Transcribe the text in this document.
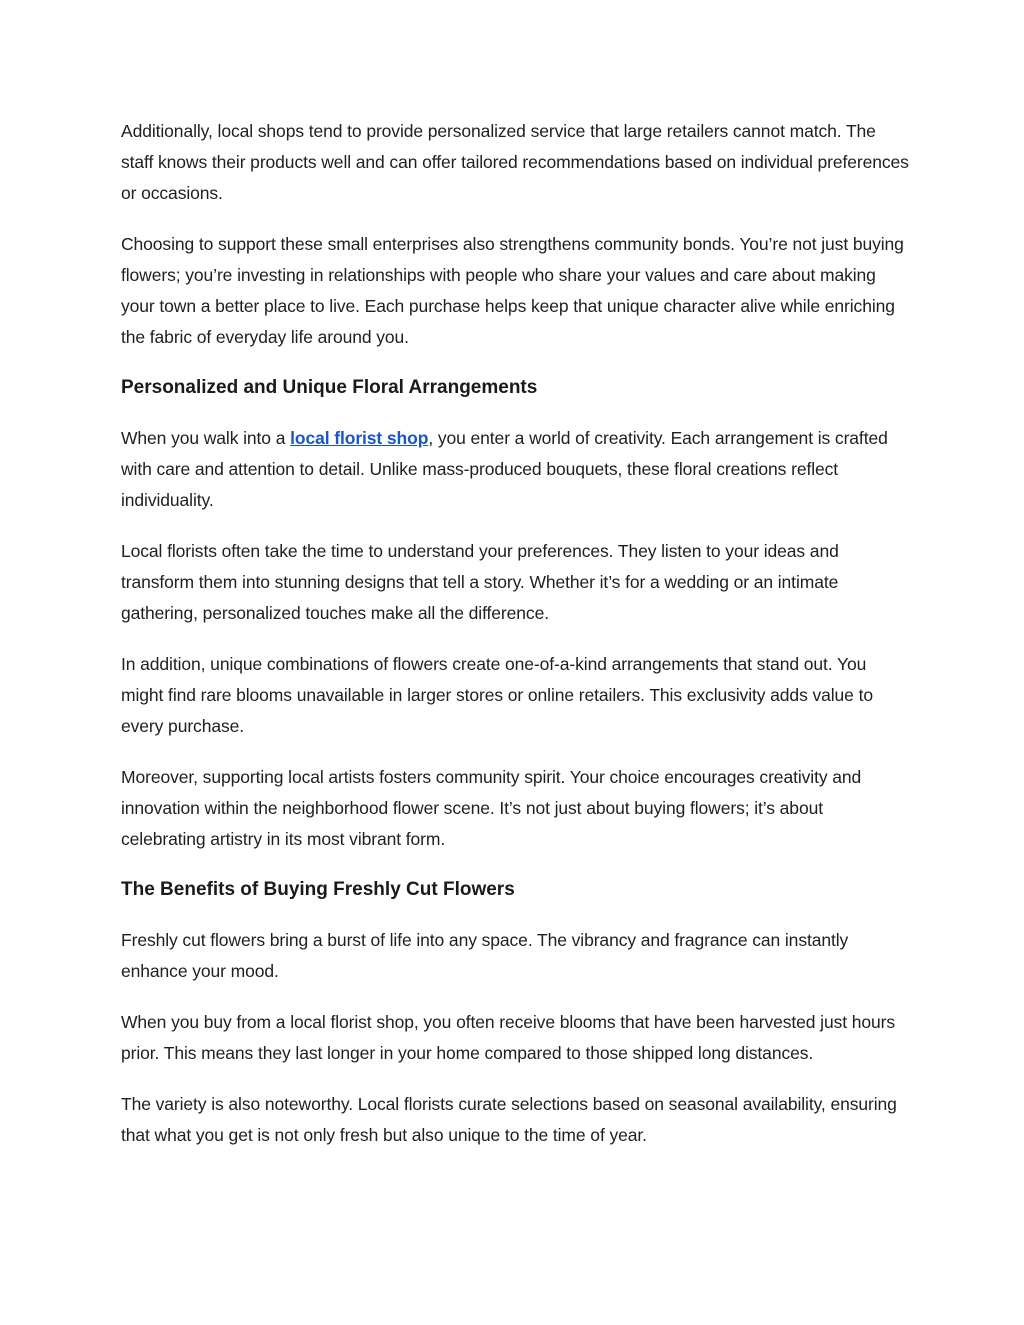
Additionally, local shops tend to provide personalized service that large retailers cannot match. The staff knows their products well and can offer tailored recommendations based on individual preferences or occasions.

Choosing to support these small enterprises also strengthens community bonds. You’re not just buying flowers; you’re investing in relationships with people who share your values and care about making your town a better place to live. Each purchase helps keep that unique character alive while enriching the fabric of everyday life around you.

Personalized and Unique Floral Arrangements

When you walk into a local florist shop, you enter a world of creativity. Each arrangement is crafted with care and attention to detail. Unlike mass-produced bouquets, these floral creations reflect individuality.

Local florists often take the time to understand your preferences. They listen to your ideas and transform them into stunning designs that tell a story. Whether it’s for a wedding or an intimate gathering, personalized touches make all the difference.

In addition, unique combinations of flowers create one-of-a-kind arrangements that stand out. You might find rare blooms unavailable in larger stores or online retailers. This exclusivity adds value to every purchase.

Moreover, supporting local artists fosters community spirit. Your choice encourages creativity and innovation within the neighborhood flower scene. It’s not just about buying flowers; it’s about celebrating artistry in its most vibrant form.

The Benefits of Buying Freshly Cut Flowers

Freshly cut flowers bring a burst of life into any space. The vibrancy and fragrance can instantly enhance your mood.

When you buy from a local florist shop, you often receive blooms that have been harvested just hours prior. This means they last longer in your home compared to those shipped long distances.

The variety is also noteworthy. Local florists curate selections based on seasonal availability, ensuring that what you get is not only fresh but also unique to the time of year.
